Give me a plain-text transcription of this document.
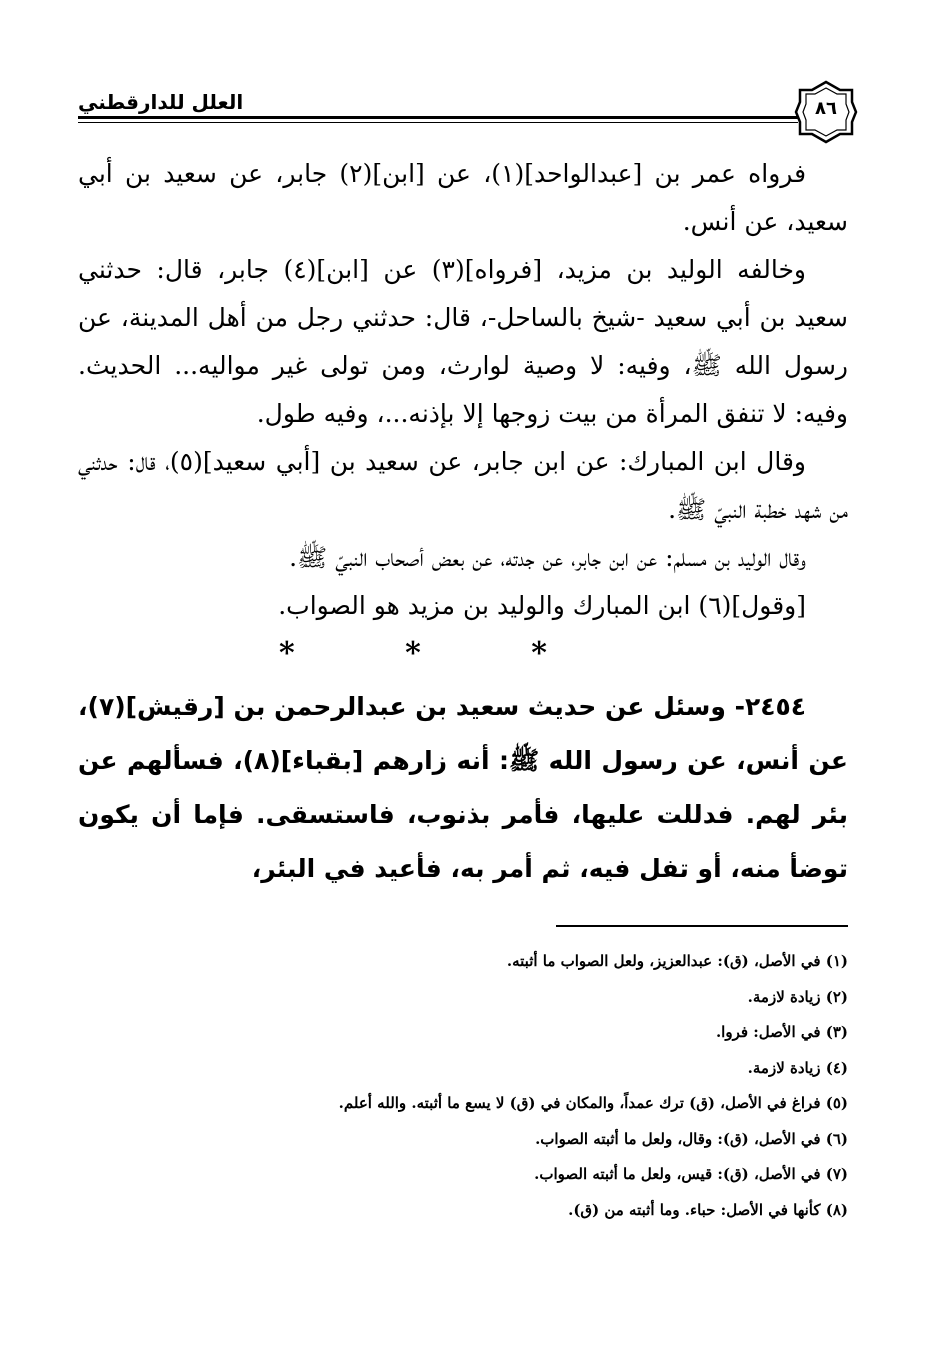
العلل للدارقطني	٨٦

فرواه عمر بن [عبدالواحد](١)، عن [ابن](٢) جابر، عن سعيد بن أبي سعيد، عن أنس.

وخالفه الوليد بن مزيد، [فرواه](٣) عن [ابن](٤) جابر، قال: حدثني سعيد بن أبي سعيد -شيخ بالساحل-، قال: حدثني رجل من أهل المدينة، عن رسول الله ﷺ، وفيه: لا وصية لوارث، ومن تولى غير مواليه... الحديث. وفيه: لا تنفق المرأة من بيت زوجها إلا بإذنه...، وفيه طول.

وقال ابن المبارك: عن ابن جابر، عن سعيد بن [أبي سعيد](٥)، قال: حدثني من شهد خطبة النبيّ ﷺ.

وقال الوليد بن مسلم: عن ابن جابر، عن جدته، عن بعض أصحاب النبيّ ﷺ.

[وقول](٦) ابن المبارك والوليد بن مزيد هو الصواب.

* * *

٢٤٥٤- وسئل عن حديث سعيد بن عبدالرحمن بن [رقيش](٧)، عن أنس، عن رسول الله ﷺ: أنه زارهم [بقباء](٨)، فسألهم عن بئر لهم. فدللت عليها، فأمر بذنوب، فاستسقى. فإما أن يكون توضأ منه، أو تفل فيه، ثم أمر به، فأعيد في البئر،

(١) في الأصل، (ق): عبدالعزيز، ولعل الصواب ما أثبته.

(٢) زيادة لازمة.

(٣) في الأصل: فروا.

(٤) زيادة لازمة.

(٥) فراغ في الأصل، (ق) ترك عمداً، والمكان في (ق) لا يسع ما أثبته. والله أعلم.

(٦) في الأصل، (ق): وقال، ولعل ما أثبته الصواب.

(٧) في الأصل، (ق): قيس، ولعل ما أثبته الصواب.

(٨) كأنها في الأصل: حباء. وما أثبته من (ق).
